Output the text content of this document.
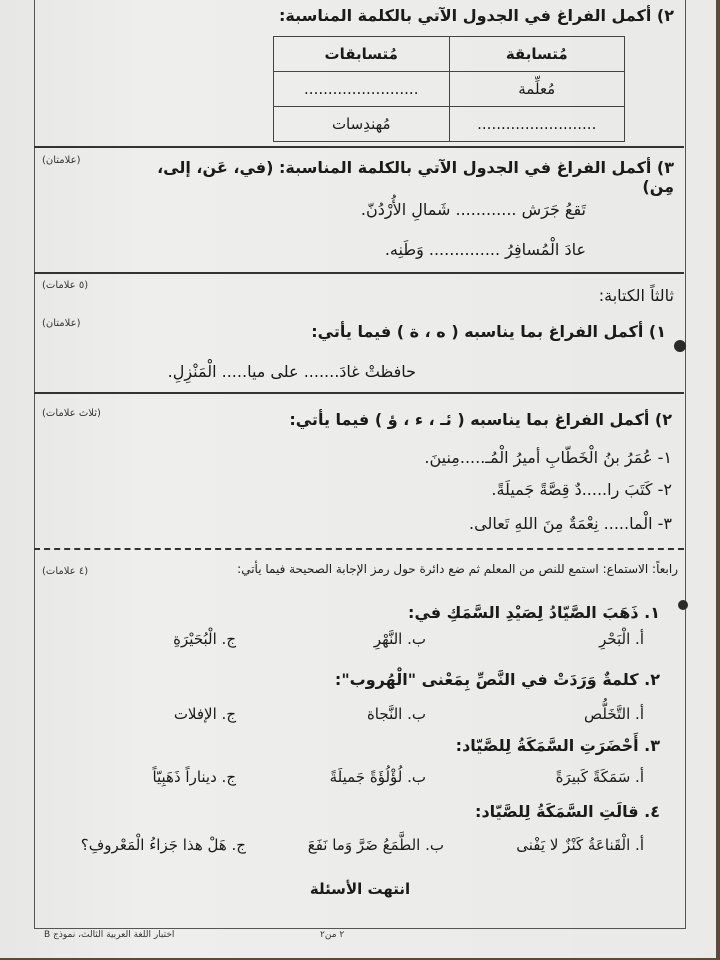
٢) أكمل الفراغ في الجدول الآتي بالكلمة المناسبة:
مُتسابقة	مُتسابقات
مُعلِّمة	........................
.........................	مُهندِسات
(علامتان)	٣) أكمل الفراغ في الجدول الآتي بالكلمة المناسبة: (في، عَن، إلى، مِن)
تَقعُ جَرَش ............ شَمالِ الأُرْدُنّ.
عادَ الْمُسافِرُ .............. وَطَنِه.
(٥ علامات)
ثالثاً الكتابة:
(علامتان)	١) أكمل الفراغ بما يناسبه ( ه ، ة ) فيما يأتي:
حافظتْ غادَ....... على ميا..... الْمَنْزِلِ.
(ثلاث علامات)	٢) أكمل الفراغ بما يناسبه ( ئـ ، ء ، ؤ ) فيما يأتي:
١- عُمَرُ بنُ الْخَطّابِ أميرُ الْمُـ.....مِنينَ.
٢- كَتَبَ را.....دٌ قِصَّةً جَميلَةً.
٣- الْما..... نِعْمَةٌ مِنَ اللهِ تَعالى.
(٤ علامات)	رابعاً: الاستماع: استمع للنص من المعلم ثم ضع دائرة حول رمز الإجابة الصحيحة فيما يأتي:
١. ذَهَبَ الصَّيّادُ لِصَيْدِ السَّمَكِ في:
أ. الْبَحْرِ
ب. النَّهْرِ
ج. الْبُحَيْرَةِ
٢. كلمةٌ وَرَدَتْ في النَّصِّ بِمَعْنى "الْهُروب":
أ. التَّخَلُّص
ب. النَّجاة
ج. الإفلات
٣. أَحْضَرَتِ السَّمَكَةُ لِلصَّيّاد:
أ. سَمَكَةً كَبيرَةً
ب. لُؤْلُؤَةً جَميلَةً
ج. ديناراً ذَهَبِيّاً
٤. قالَتِ السَّمَكَةُ لِلصَّيّاد:
أ. الْقَناعَةُ كَنْزٌ لا يَفْنى
ب. الطَّمَعُ ضَرَّ وَما نَفَعَ
ج. هَلْ هذا جَزاءُ الْمَعْروفِ؟
انتهت الأسئلة
اختبار اللغة العربية الثالث، نموذج B	٢ من٢
